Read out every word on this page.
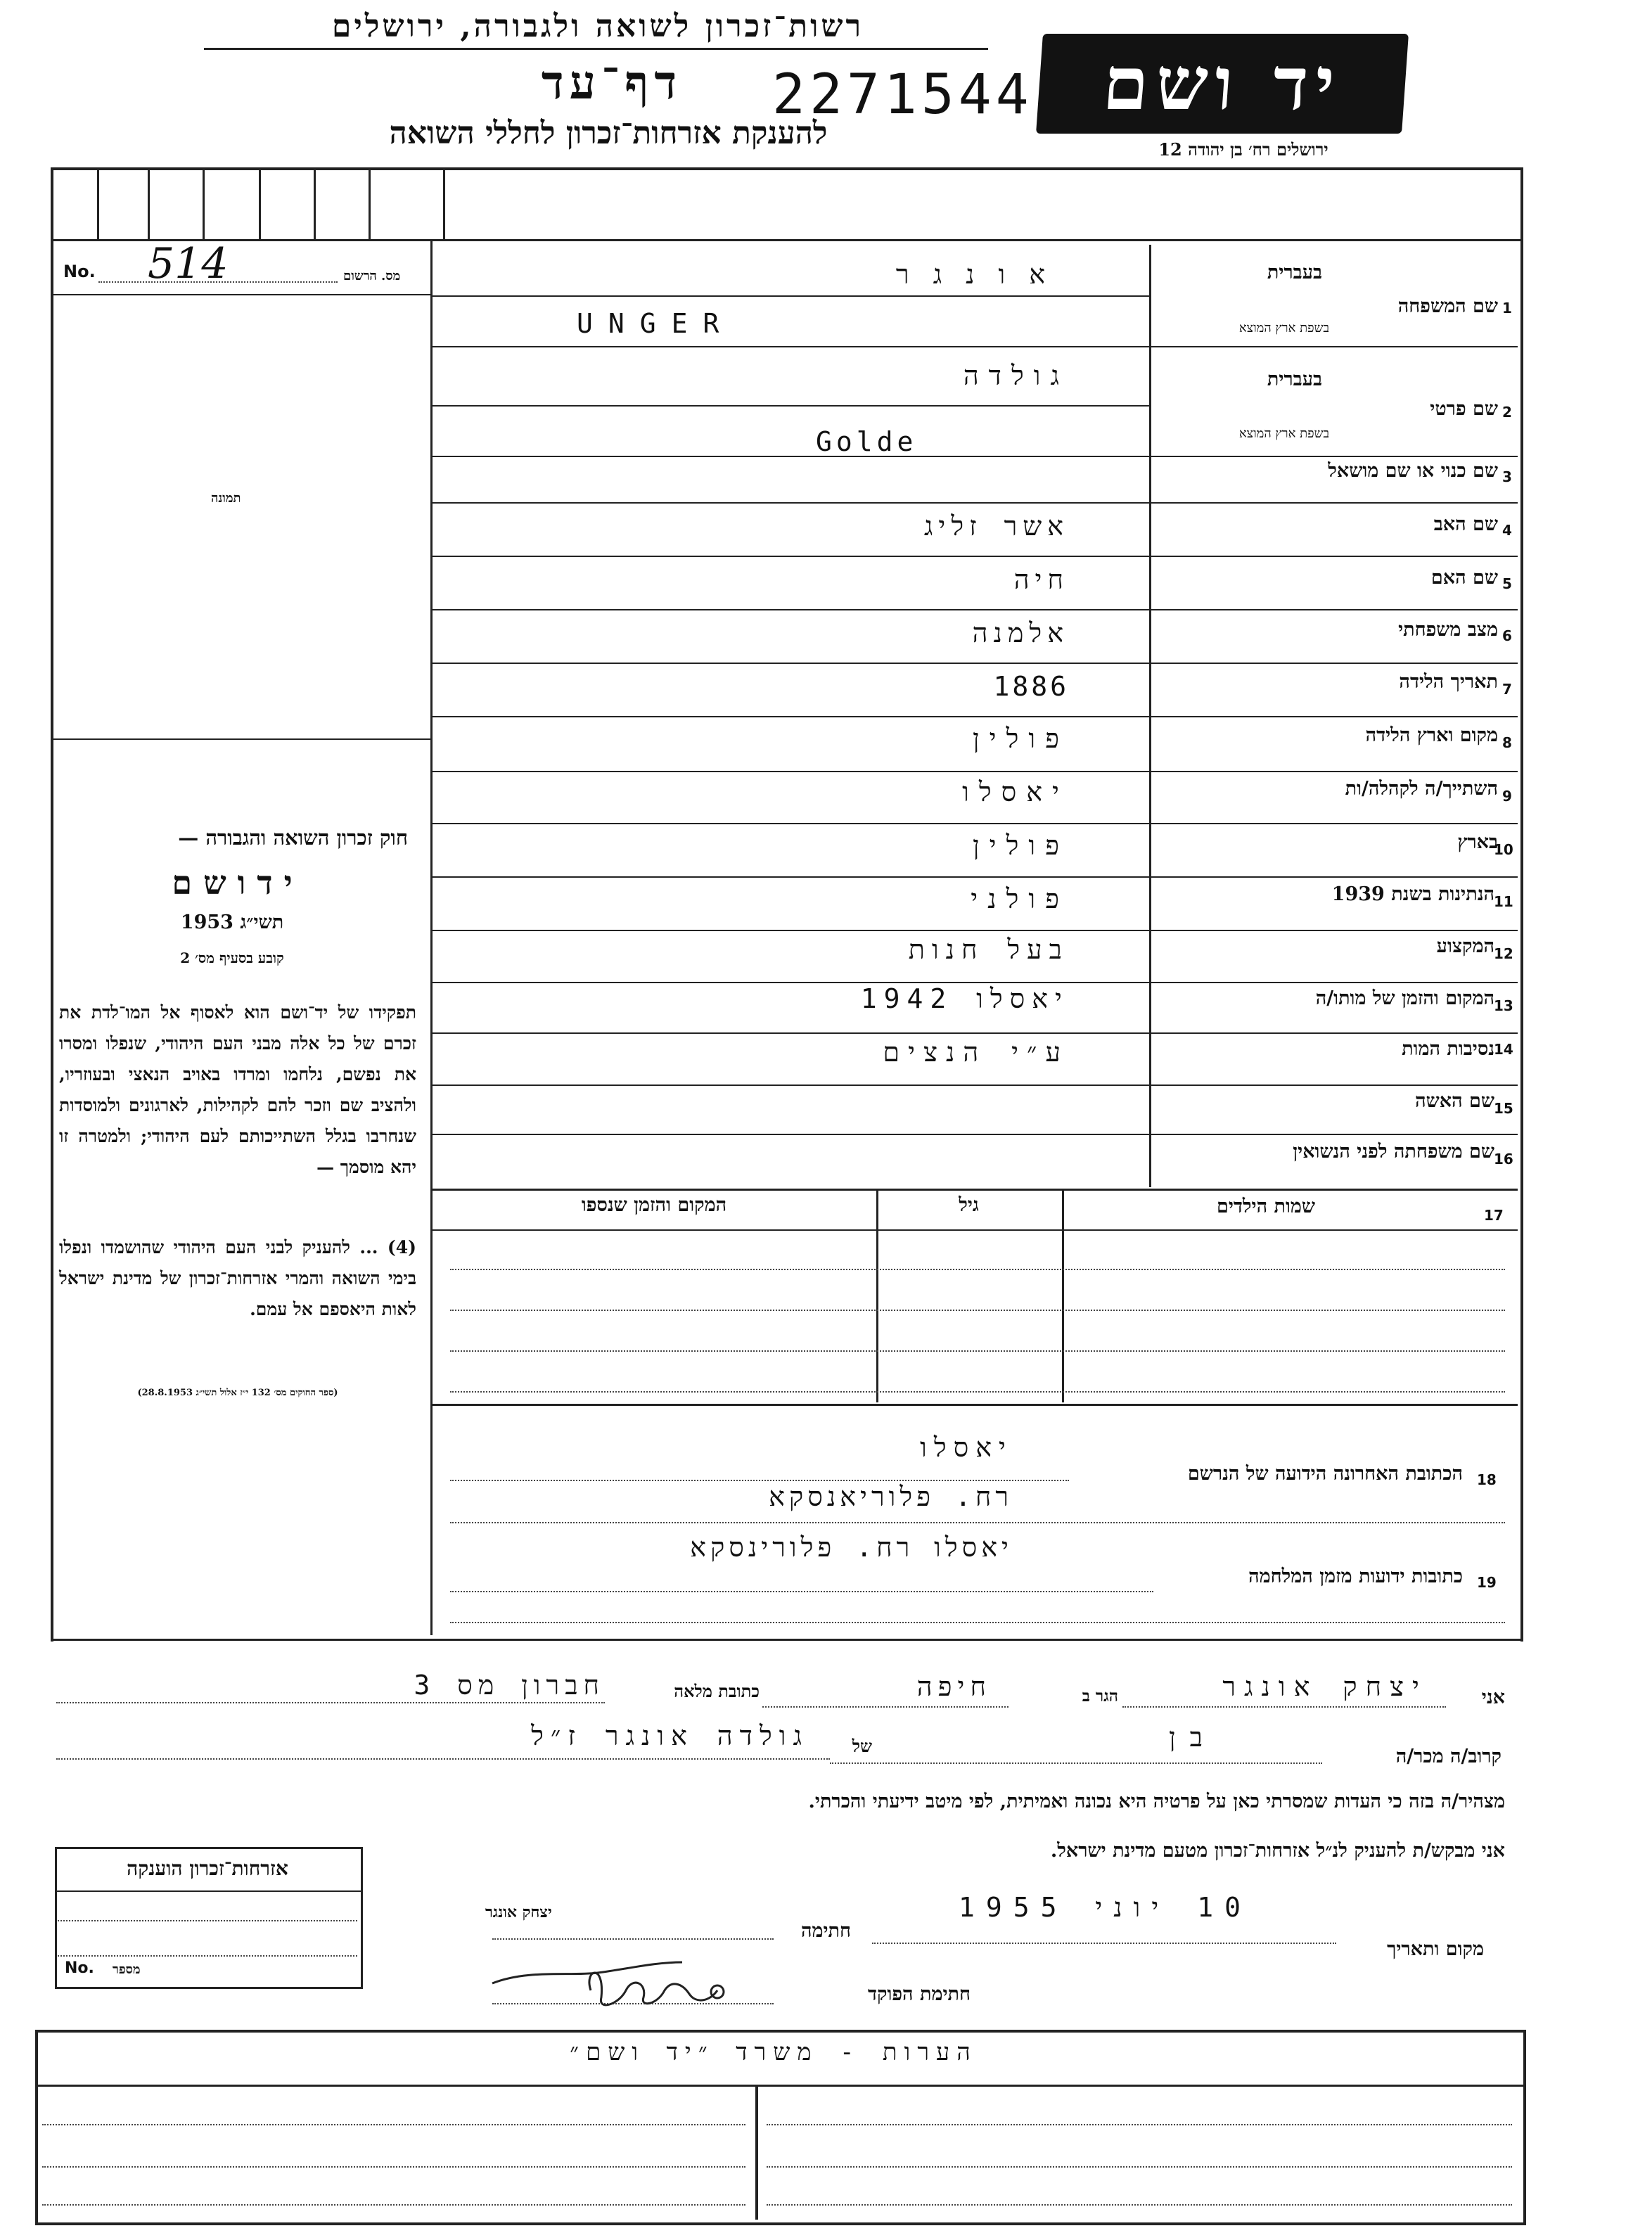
רשות־זכרון לשואה ולגבורה, ירושלים
דף־עד	2271544
להענקת אזרחות־זכרון לחללי השואה
יד ושם
ירושלים רח׳ בן יהודה 12
No. 514	מס. הרשום
תמונה
חוק זכרון השואה והגבורה —
י ד ו ש ם
תשי״ג 1953
קובע בסעיף מס׳ 2
תפקידו של יד־ושם הוא לאסוף אל המו־לדת את זכרם של כל אלה מבני העם היהודי, שנפלו ומסרו את נפשם, נלחמו ומרדו באויב הנאצי ובעוזריו, ולהציב שם וזכר להם לקהילות, לארגונים ולמוסדות שנחרבו בגלל השתייכותם לעם היהודי; ולמטרה זו יהא מוסמך —
(4) ... להעניק לבני העם היהודי שהושמדו ונפלו בימי השואה והמרי אזרחות־זכרון של מדינת ישראל לאות היאספם אל עמם.
(ספר החוקים מס׳ 132 י״ז אלול תשי״ג 28.8.1953)
שם המשפחה 1
בעברית
בשפת ארץ המוצא
אונגר
UNGER
שם פרטי 2
בעברית
בשפת ארץ המוצא
גולדה
Golde
שם כנוי או שם מושאל 3
שם האב 4
אשר זליג
שם האם 5
חיה
מצב משפחתי 6
אלמנה
תאריך הלידה 7
1886
מקום וארץ הלידה 8
פולין
השתייך/ה לקהלה/ות 9
יאסלו
בארץ
10
פולין
הנתינות בשנת 1939 11
פולני
המקצוע 12
בעל חנות
המקום והזמן של מותו/ה 13
יאסלו 1942
נסיבות המות 14
ע״י הנצים
שם האשה 15
שם משפחתה לפני הנשואין 16
17
שמות הילדים
גיל
המקום והזמן שנספו
יאסלו
הכתובת האחרונה הידועה של הנרשם 18
רח. פלוריאנסקא
יאסלו רח. פלורינסקא
כתובות ידועות מזמן המלחמה 19
אני
יצחק אונגר
הגר ב
חיפה
כתובת מלאה
חברון מס 3
קרוב/ה מכר/ה
בן
של
גולדה אונגר ז״ל
מצהיר/ה בזה כי העדות שמסרתי כאן על פרטיה היא נכונה ואמיתית, לפי מיטב ידיעתי והכרתי.
אני מבקש/ת להעניק לנ״ל אזרחות־זכרון מטעם מדינת ישראל.
מקום ותאריך
10 יוני 1955
חתימה
יצחק אונגר
חתימת הפוקד
אזרחות־זכרון הוענקה
No. מספר
הערות - משרד ״יד ושם״
